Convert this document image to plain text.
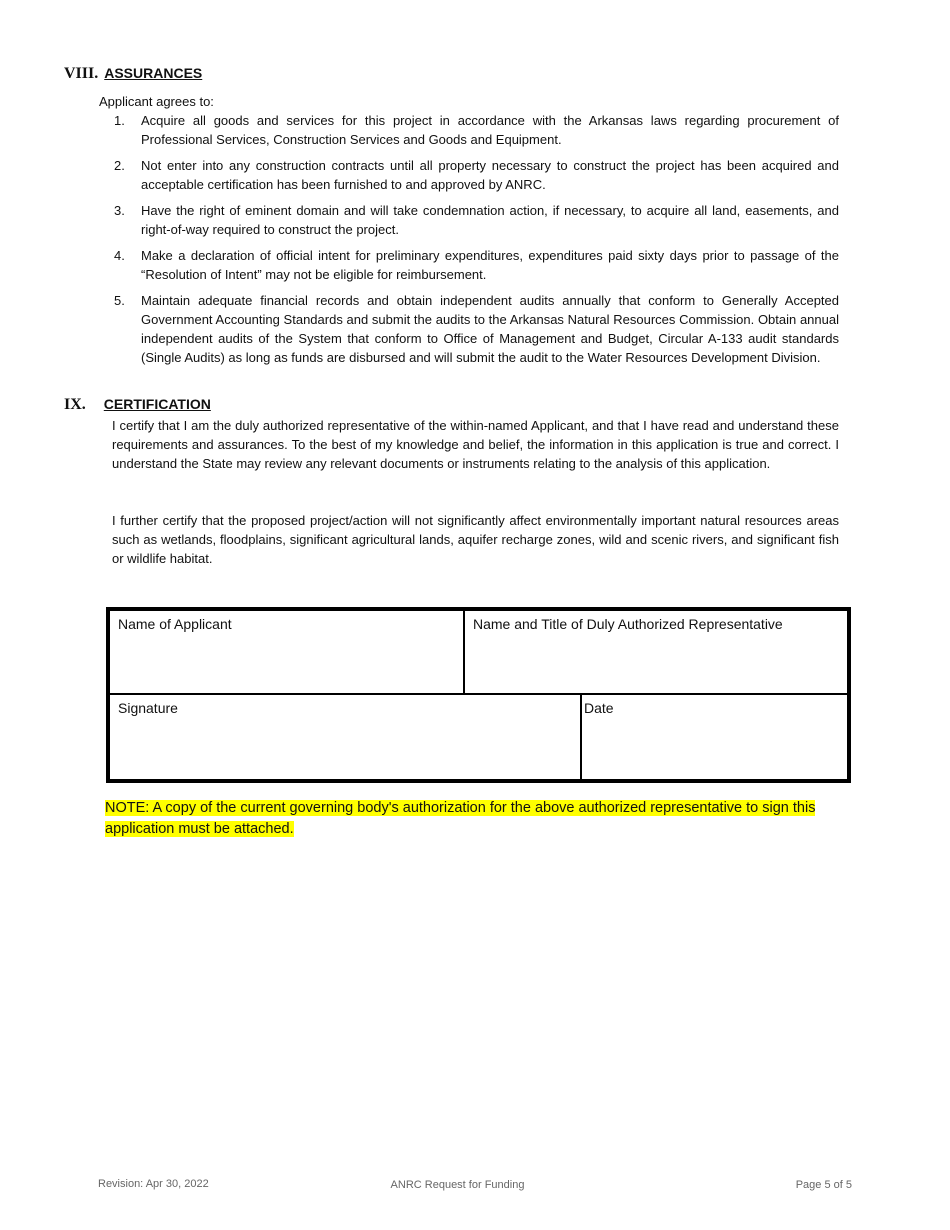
VIII. ASSURANCES
Applicant agrees to:
1. Acquire all goods and services for this project in accordance with the Arkansas laws regarding procurement of Professional Services, Construction Services and Goods and Equipment.
2. Not enter into any construction contracts until all property necessary to construct the project has been acquired and acceptable certification has been furnished to and approved by ANRC.
3. Have the right of eminent domain and will take condemnation action, if necessary, to acquire all land, easements, and right-of-way required to construct the project.
4. Make a declaration of official intent for preliminary expenditures, expenditures paid sixty days prior to passage of the “Resolution of Intent” may not be eligible for reimbursement.
5. Maintain adequate financial records and obtain independent audits annually that conform to Generally Accepted Government Accounting Standards and submit the audits to the Arkansas Natural Resources Commission. Obtain annual independent audits of the System that conform to Office of Management and Budget, Circular A-133 audit standards (Single Audits) as long as funds are disbursed and will submit the audit to the Water Resources Development Division.
IX. CERTIFICATION
I certify that I am the duly authorized representative of the within-named Applicant, and that I have read and understand these requirements and assurances. To the best of my knowledge and belief, the information in this application is true and correct. I understand the State may review any relevant documents or instruments relating to the analysis of this application.
I further certify that the proposed project/action will not significantly affect environmentally important natural resources areas such as wetlands, floodplains, significant agricultural lands, aquifer recharge zones, wild and scenic rivers, and significant fish or wildlife habitat.
Name of Applicant	Name and Title of Duly Authorized Representative
Signature	Date
NOTE: A copy of the current governing body's authorization for the above authorized representative to sign this application must be attached.
Revision: Apr 30, 2022	ANRC Request for Funding	Page 5 of 5
